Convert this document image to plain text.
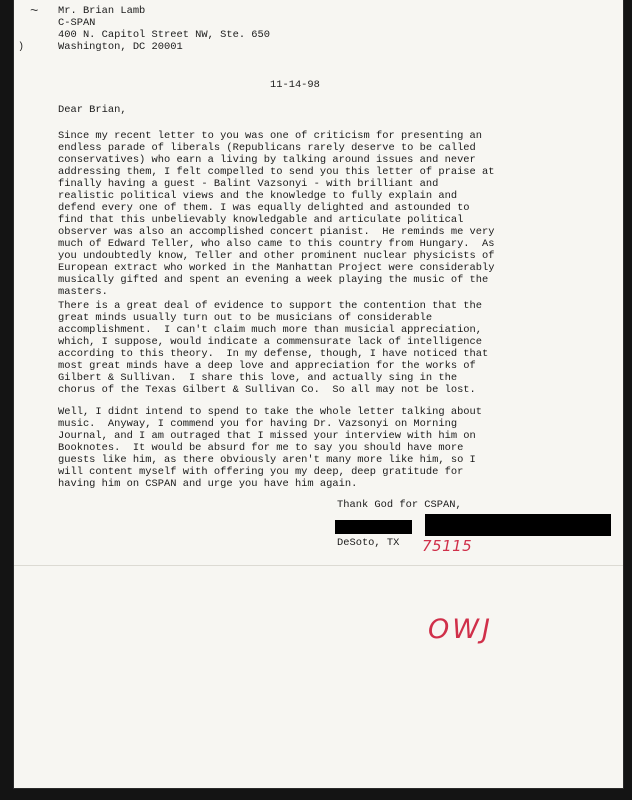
~
)

Mr. Brian Lamb
C-SPAN
400 N. Capitol Street NW, Ste. 650
Washington, DC 20001

11-14-98

Dear Brian,

Since my recent letter to you was one of criticism for presenting an
endless parade of liberals (Republicans rarely deserve to be called
conservatives) who earn a living by talking around issues and never
addressing them, I felt compelled to send you this letter of praise at
finally having a guest - Balint Vazsonyi - with brilliant and
realistic political views and the knowledge to fully explain and
defend every one of them. I was equally delighted and astounded to
find that this unbelievably knowledgable and articulate political
observer was also an accomplished concert pianist.  He reminds me very
much of Edward Teller, who also came to this country from Hungary.  As
you undoubtedly know, Teller and other prominent nuclear physicists of
European extract who worked in the Manhattan Project were considerably
musically gifted and spent an evening a week playing the music of the
masters.

There is a great deal of evidence to support the contention that the
great minds usually turn out to be musicians of considerable
accomplishment.  I can't claim much more than musicial appreciation,
which, I suppose, would indicate a commensurate lack of intelligence
according to this theory.  In my defense, though, I have noticed that
most great minds have a deep love and appreciation for the works of
Gilbert & Sullivan.  I share this love, and actually sing in the
chorus of the Texas Gilbert & Sullivan Co.  So all may not be lost.

Well, I didnt intend to spend to take the whole letter talking about
music.  Anyway, I commend you for having Dr. Vazsonyi on Morning
Journal, and I am outraged that I missed your interview with him on
Booknotes.  It would be absurd for me to say you should have more
guests like him, as there obviously aren't many more like him, so I
will content myself with offering you my deep, deep gratitude for
having him on CSPAN and urge you have him again.

Thank God for CSPAN,

DeSoto, TX 75115
OWJ
